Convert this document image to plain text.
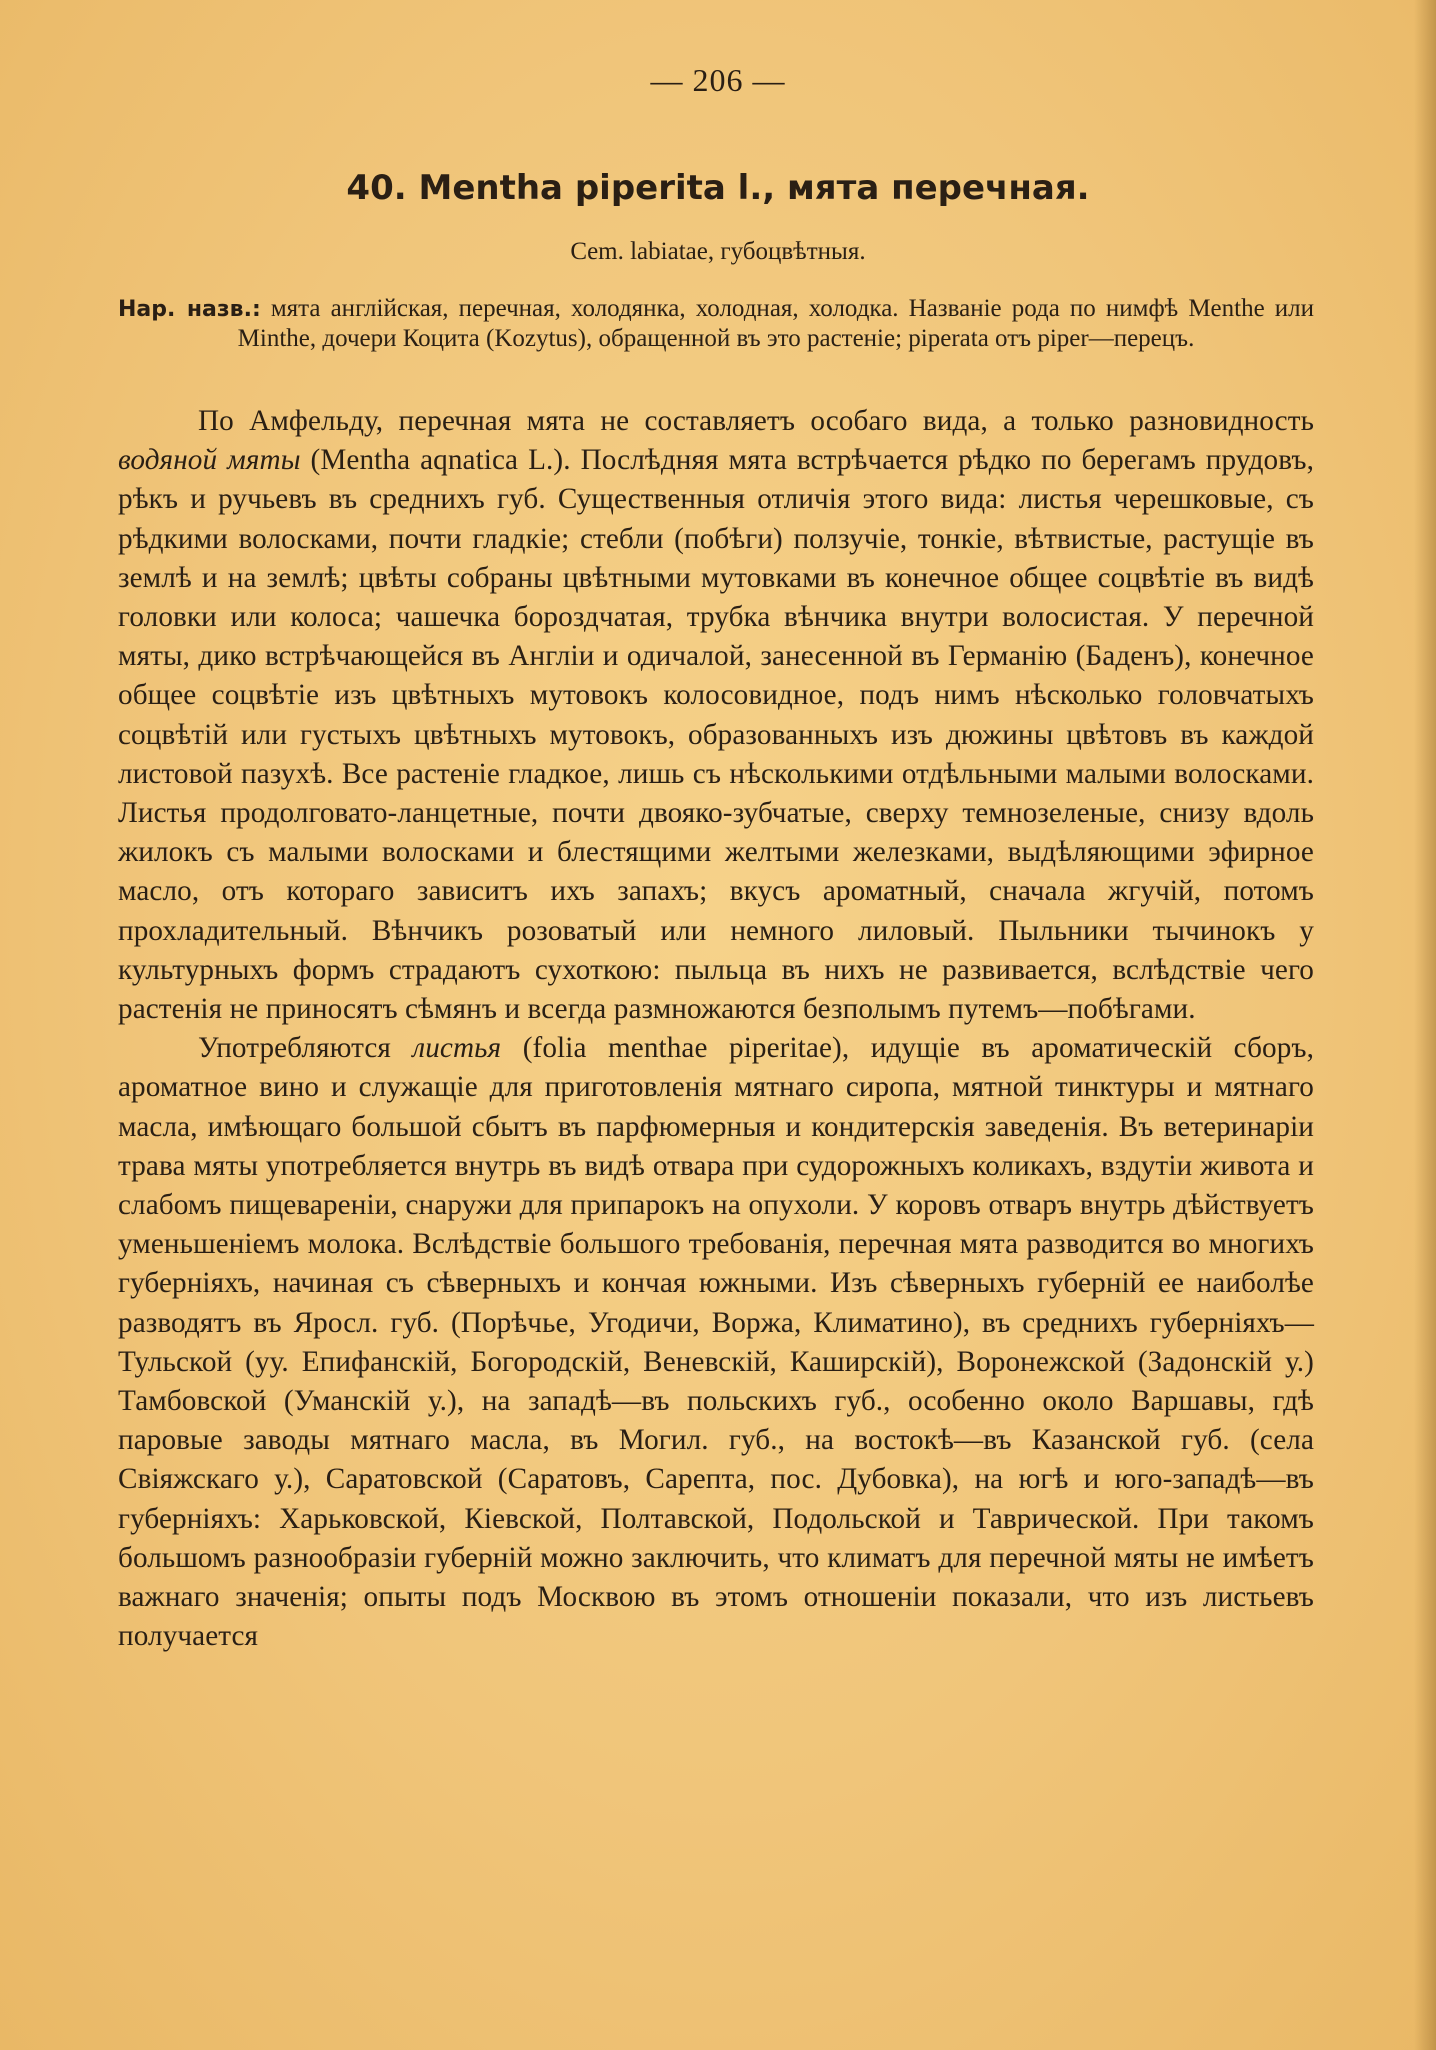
— 206 —
40. Mentha piperita l., мята перечная.
Cem. labiatae, губоцвѣтныя.
Нар. назв.: мята англiйская, перечная, холодянка, холодная, холодка. Названiе рода по нимфѣ Menthe или Minthe, дочери Коцита (Kozytus), обращенной въ это растенiе; piperata отъ piper—перецъ.

По Амфельду, перечная мята не составляетъ особаго вида, а только разновидность водяной мяты (Mentha aqnatica L.). Послѣдняя мята встрѣчается рѣдко по берегамъ прудовъ, рѣкъ и ручьевъ въ среднихъ губ. Существенныя отличiя этого вида: листья черешковые, съ рѣдкими волосками, почти гладкiе; стебли (побѣги) ползучiе, тонкiе, вѣтвистые, растущiе въ землѣ и на землѣ; цвѣты собраны цвѣтными мутовками въ конечное общее соцвѣтiе въ видѣ головки или колоса; чашечка бороздчатая, трубка вѣнчика внутри волосистая. У перечной мяты, дико встрѣчающейся въ Англiи и одичалой, занесенной въ Германiю (Баденъ), конечное общее соцвѣтiе изъ цвѣтныхъ мутовокъ колосовидное, подъ нимъ нѣсколько головчатыхъ соцвѣтiй или густыхъ цвѣтныхъ мутовокъ, образованныхъ изъ дюжины цвѣтовъ въ каждой листовой пазухѣ. Все растенiе гладкое, лишь съ нѣсколькими отдѣльными малыми волосками. Листья продолговато-ланцетные, почти двояко-зубчатые, сверху темнозеленые, снизу вдоль жилокъ съ малыми волосками и блестящими желтыми железками, выдѣляющими эфирное масло, отъ котораго зависитъ ихъ запахъ; вкусъ ароматный, сначала жгучiй, потомъ прохладительный. Вѣнчикъ розоватый или немного лиловый. Пыльники тычинокъ у культурныхъ формъ страдаютъ сухоткою: пыльца въ нихъ не развивается, вслѣдствiе чего растенiя не приносятъ сѣмянъ и всегда размножаются безполымъ путемъ—побѣгами.

Употребляются листья (folia menthae piperitae), идущiе въ ароматическiй сборъ, ароматное вино и служащiе для приготовленiя мятнаго сиропа, мятной тинктуры и мятнаго масла, имѣющаго большой сбытъ въ парфюмерныя и кондитерскiя заведенiя. Въ ветеринарiи трава мяты употребляется внутрь въ видѣ отвара при судорожныхъ коликахъ, вздутiи живота и слабомъ пищеваренiи, снаружи для припарокъ на опухоли. У коровъ отваръ внутрь дѣйствуетъ уменьшенiемъ молока. Вслѣдствiе большого требованiя, перечная мята разводится во многихъ губернiяхъ, начиная съ сѣверныхъ и кончая южными. Изъ сѣверныхъ губернiй ее наиболѣе разводятъ въ Яросл. губ. (Порѣчье, Угодичи, Воржа, Климатино), въ среднихъ губернiяхъ—Тульской (уу. Епифанскiй, Богородскiй, Веневскiй, Каширскiй), Воронежской (Задонскiй у.) Тамбовской (Уманскiй у.), на западѣ—въ польскихъ губ., особенно около Варшавы, гдѣ паровые заводы мятнаго масла, въ Могил. губ., на востокѣ—въ Казанской губ. (села Свiяжскаго у.), Саратовской (Саратовъ, Сарепта, пос. Дубовка), на югѣ и юго-западѣ—въ губернiяхъ: Харьковской, Кiевской, Полтавской, Подольской и Таврической. При такомъ большомъ разнообразiи губернiй можно заключить, что климатъ для перечной мяты не имѣетъ важнаго значенiя; опыты подъ Москвою въ этомъ отношенiи показали, что изъ листьевъ получается
